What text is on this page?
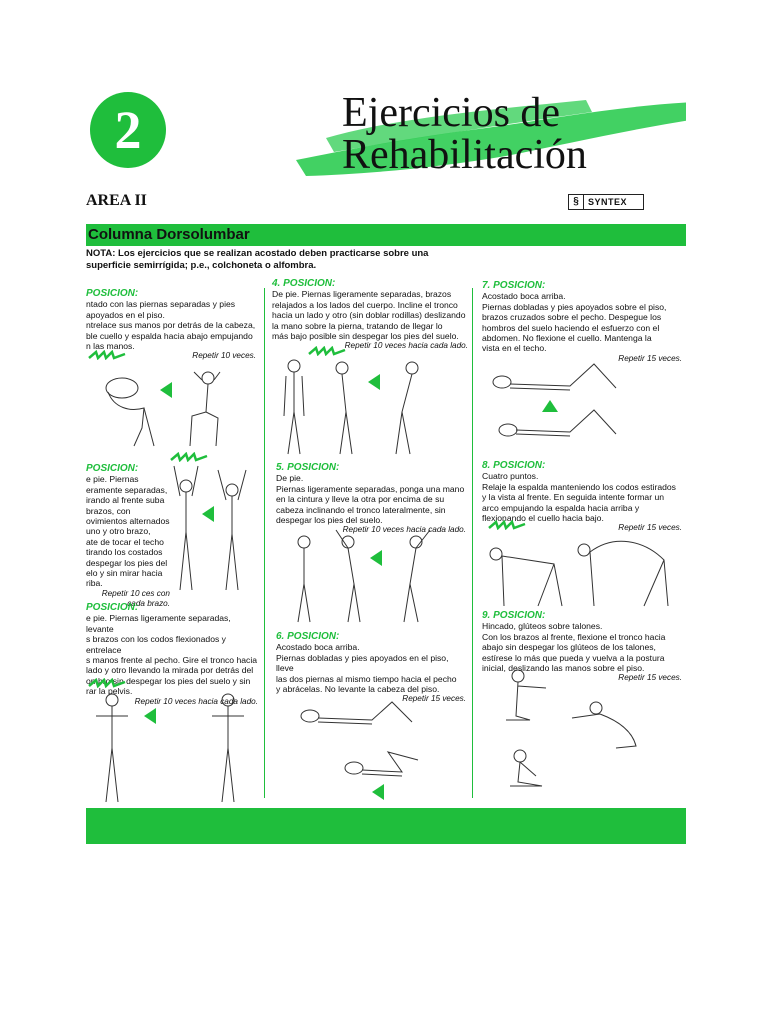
2	Ejercicios de
Rehabilitación
AREA II	§	SYNTEX
Columna Dorsolumbar
NOTA: Los ejercicios que se realizan acostado deben practicarse sobre una superficie semirrígida; p.e., colchoneta o alfombra.
POSICION:
ntado con las piernas separadas y pies
apoyados en el piso.
ntrelace sus manos por detrás de la cabeza,
ble cuello y espalda hacia abajo empujando
n las manos.
Repetir 10 veces.
POSICION:
e pie. Piernas
eramente separadas,
irando al frente suba
brazos, con
ovimientos alternados
uno y otro brazo,
ate de tocar el techo
tirando los costados
despegar los pies del
elo y sin mirar hacia
riba.
Repetir 10 ces con cada brazo.
POSICION:
e pie. Piernas ligeramente separadas, levante
s brazos con los codos flexionados y entrelace
s manos frente al pecho. Gire el tronco hacia
lado y otro llevando la mirada por detrás del
ombro sin despegar los pies del suelo y sin
rar la pelvis.
Repetir 10 veces hacia cada lado.
4. POSICION:
De pie. Piernas ligeramente separadas, brazos
relajados a los lados del cuerpo. Incline el tronco
hacia un lado y otro (sin doblar rodillas) deslizando
la mano sobre la pierna, tratando de llegar lo
más bajo posible sin despegar los pies del suelo.
Repetir 10 veces hacia cada lado.
5. POSICION:
De pie.
Piernas ligeramente separadas, ponga una mano
en la cintura y lleve la otra por encima de su
cabeza inclinando el tronco lateralmente, sin
despegar los pies del suelo.
Repetir 10 veces hacia cada lado.
6. POSICION:
Acostado boca arriba.
Piernas dobladas y pies apoyados en el piso, lleve
las dos piernas al mismo tiempo hacia el pecho
y abrácelas. No levante la cabeza del piso.
Repetir 15 veces.
7. POSICION:
Acostado boca arriba.
Piernas dobladas y pies apoyados sobre el piso,
brazos cruzados sobre el pecho. Despegue los
hombros del suelo haciendo el esfuerzo con el
abdomen. No flexione el cuello. Mantenga la
vista en el techo.
Repetir 15 veces.
8. POSICION:
Cuatro puntos.
Relaje la espalda manteniendo los codos estirados
y la vista al frente. En seguida intente formar un
arco empujando la espalda hacia arriba y
flexionando el cuello hacia bajo.
Repetir 15 veces.
9. POSICION:
Hincado, glúteos sobre talones.
Con los brazos al frente, flexione el tronco hacia
abajo sin despegar los glúteos de los talones,
estírese lo más que pueda y vuelva a la postura
inicial, deslizando las manos sobre el piso.
Repetir 15 veces.
